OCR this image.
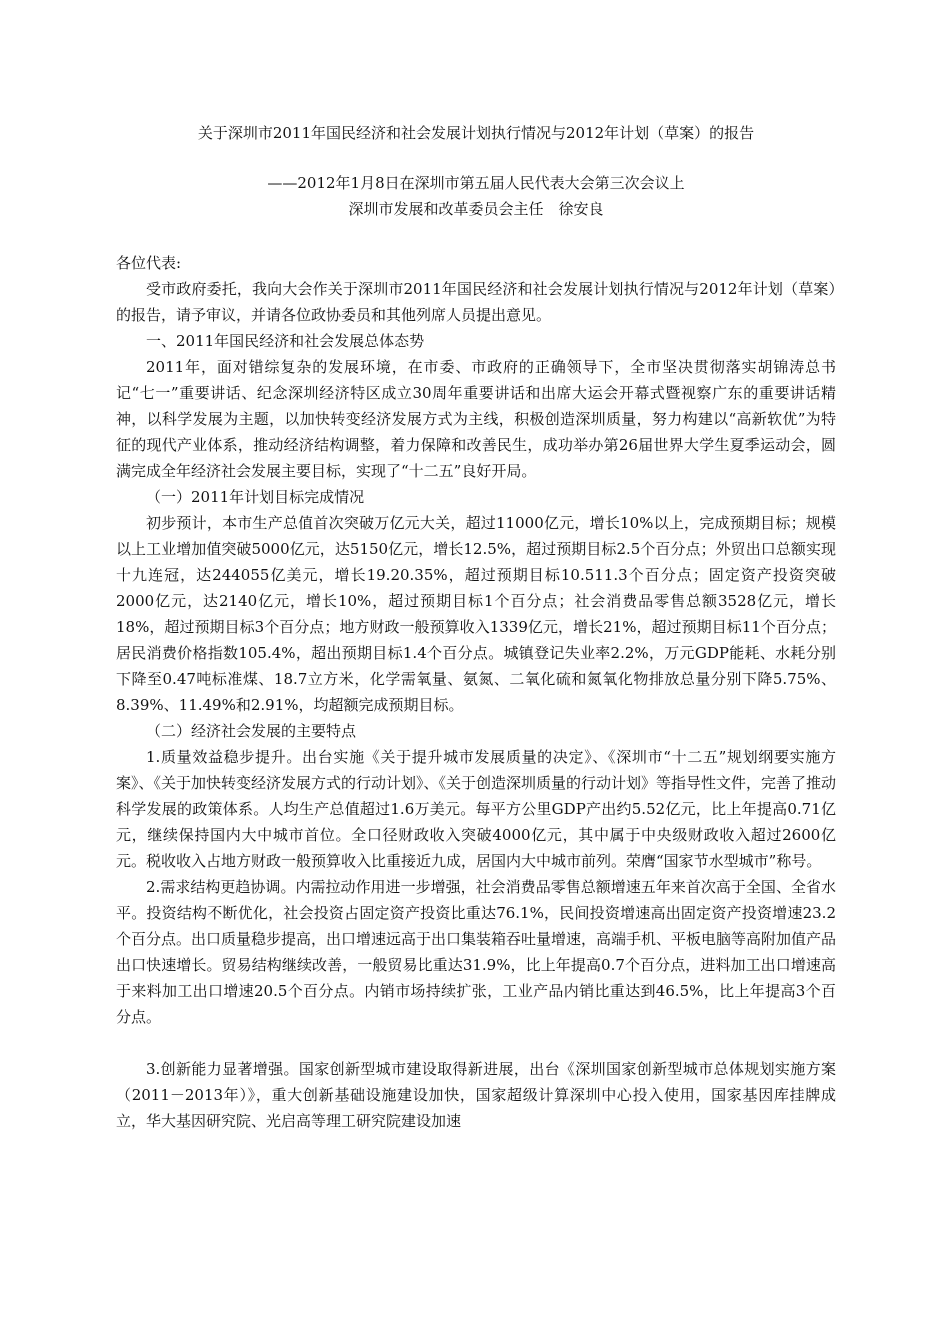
关于深圳市2011年国民经济和社会发展计划执行情况与2012年计划（草案）的报告
——2012年1月8日在深圳市第五届人民代表大会第三次会议上
深圳市发展和改革委员会主任　徐安良
各位代表:

受市政府委托，我向大会作关于深圳市2011年国民经济和社会发展计划执行情况与2012年计划（草案）的报告，请予审议，并请各位政协委员和其他列席人员提出意见。

一、2011年国民经济和社会发展总体态势

2011年，面对错综复杂的发展环境，在市委、市政府的正确领导下，全市坚决贯彻落实胡锦涛总书记“七一”重要讲话、纪念深圳经济特区成立30周年重要讲话和出席大运会开幕式暨视察广东的重要讲话精神，以科学发展为主题，以加快转变经济发展方式为主线，积极创造深圳质量，努力构建以“高新软优”为特征的现代产业体系，推动经济结构调整，着力保障和改善民生，成功举办第26届世界大学生夏季运动会，圆满完成全年经济社会发展主要目标，实现了“十二五”良好开局。

（一）2011年计划目标完成情况

初步预计，本市生产总值首次突破万亿元大关，超过11000亿元，增长10%以上，完成预期目标；规模以上工业增加值突破5000亿元，达5150亿元，增长12.5%，超过预期目标2.5个百分点；外贸出口总额实现十九连冠，达244055亿美元，增长19.20.35%，超过预期目标10.511.3个百分点；固定资产投资突破2000亿元，达2140亿元，增长10%，超过预期目标1个百分点；社会消费品零售总额3528亿元，增长18%，超过预期目标3个百分点；地方财政一般预算收入1339亿元，增长21%，超过预期目标11个百分点；居民消费价格指数105.4%，超出预期目标1.4个百分点。城镇登记失业率2.2%，万元GDP能耗、水耗分别下降至0.47吨标准煤、18.7立方米，化学需氧量、氨氮、二氧化硫和氮氧化物排放总量分别下降5.75%、8.39%、11.49%和2.91%，均超额完成预期目标。

（二）经济社会发展的主要特点

1.质量效益稳步提升。出台实施《关于提升城市发展质量的决定》、《深圳市“十二五”规划纲要实施方案》、《关于加快转变经济发展方式的行动计划》、《关于创造深圳质量的行动计划》等指导性文件，完善了推动科学发展的政策体系。人均生产总值超过1.6万美元。每平方公里GDP产出约5.52亿元，比上年提高0.71亿元，继续保持国内大中城市首位。全口径财政收入突破4000亿元，其中属于中央级财政收入超过2600亿元。税收收入占地方财政一般预算收入比重接近九成，居国内大中城市前列。荣膺“国家节水型城市”称号。

2.需求结构更趋协调。内需拉动作用进一步增强，社会消费品零售总额增速五年来首次高于全国、全省水平。投资结构不断优化，社会投资占固定资产投资比重达76.1%，民间投资增速高出固定资产投资增速23.2个百分点。出口质量稳步提高，出口增速远高于出口集装箱吞吐量增速，高端手机、平板电脑等高附加值产品出口快速增长。贸易结构继续改善，一般贸易比重达31.9%，比上年提高0.7个百分点，进料加工出口增速高于来料加工出口增速20.5个百分点。内销市场持续扩张，工业产品内销比重达到46.5%，比上年提高3个百分点。

3.创新能力显著增强。国家创新型城市建设取得新进展，出台《深圳国家创新型城市总体规划实施方案（2011－2013年）》，重大创新基础设施建设加快，国家超级计算深圳中心投入使用，国家基因库挂牌成立，华大基因研究院、光启高等理工研究院建设加速
